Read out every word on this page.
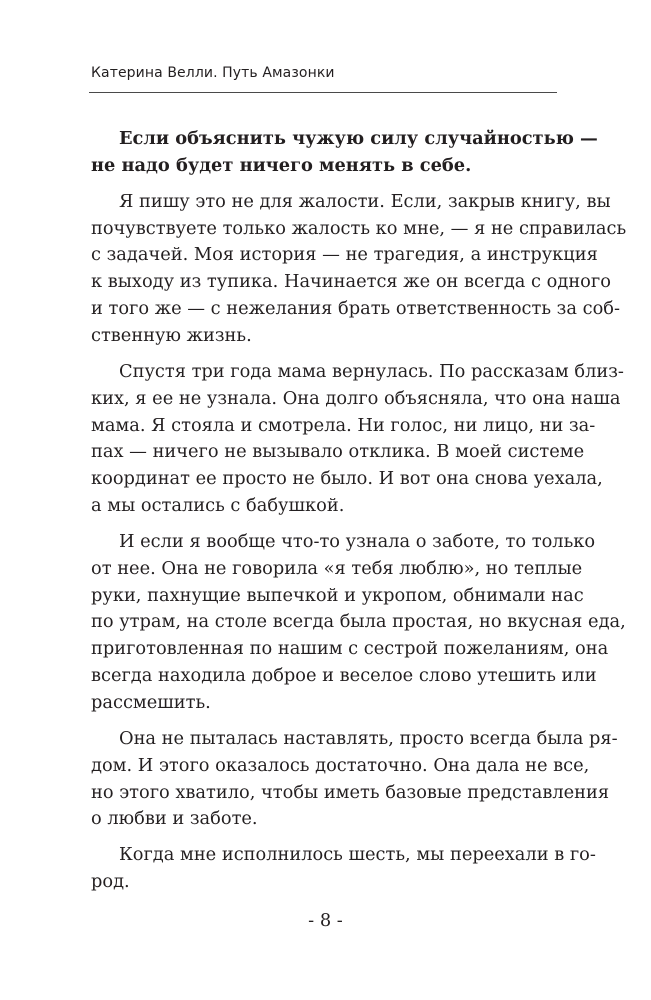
Катерина Велли. Путь Амазонки
Если объяснить чужую силу случайностью —
не надо будет ничего менять в себе.
Я пишу это не для жалости. Если, закрыв книгу, вы
почувствуете только жалость ко мне, — я не справилась
с задачей. Моя история — не трагедия, а инструкция
к выходу из тупика. Начинается же он всегда с одного
и того же — с нежелания брать ответственность за соб-
ственную жизнь.
Спустя три года мама вернулась. По рассказам близ-
ких, я ее не узнала. Она долго объясняла, что она наша
мама. Я стояла и смотрела. Ни голос, ни лицо, ни за-
пах — ничего не вызывало отклика. В моей системе
координат ее просто не было. И вот она снова уехала,
а мы остались с бабушкой.
И если я вообще что-то узнала о заботе, то только
от нее. Она не говорила «я тебя люблю», но теплые
руки, пахнущие выпечкой и укропом, обнимали нас
по утрам, на столе всегда была простая, но вкусная еда,
приготовленная по нашим с сестрой пожеланиям, она
всегда находила доброе и веселое слово утешить или
рассмешить.
Она не пыталась наставлять, просто всегда была ря-
дом. И этого оказалось достаточно. Она дала не все,
но этого хватило, чтобы иметь базовые представления
о любви и заботе.
Когда мне исполнилось шесть, мы переехали в го-
род.
- 8 -
